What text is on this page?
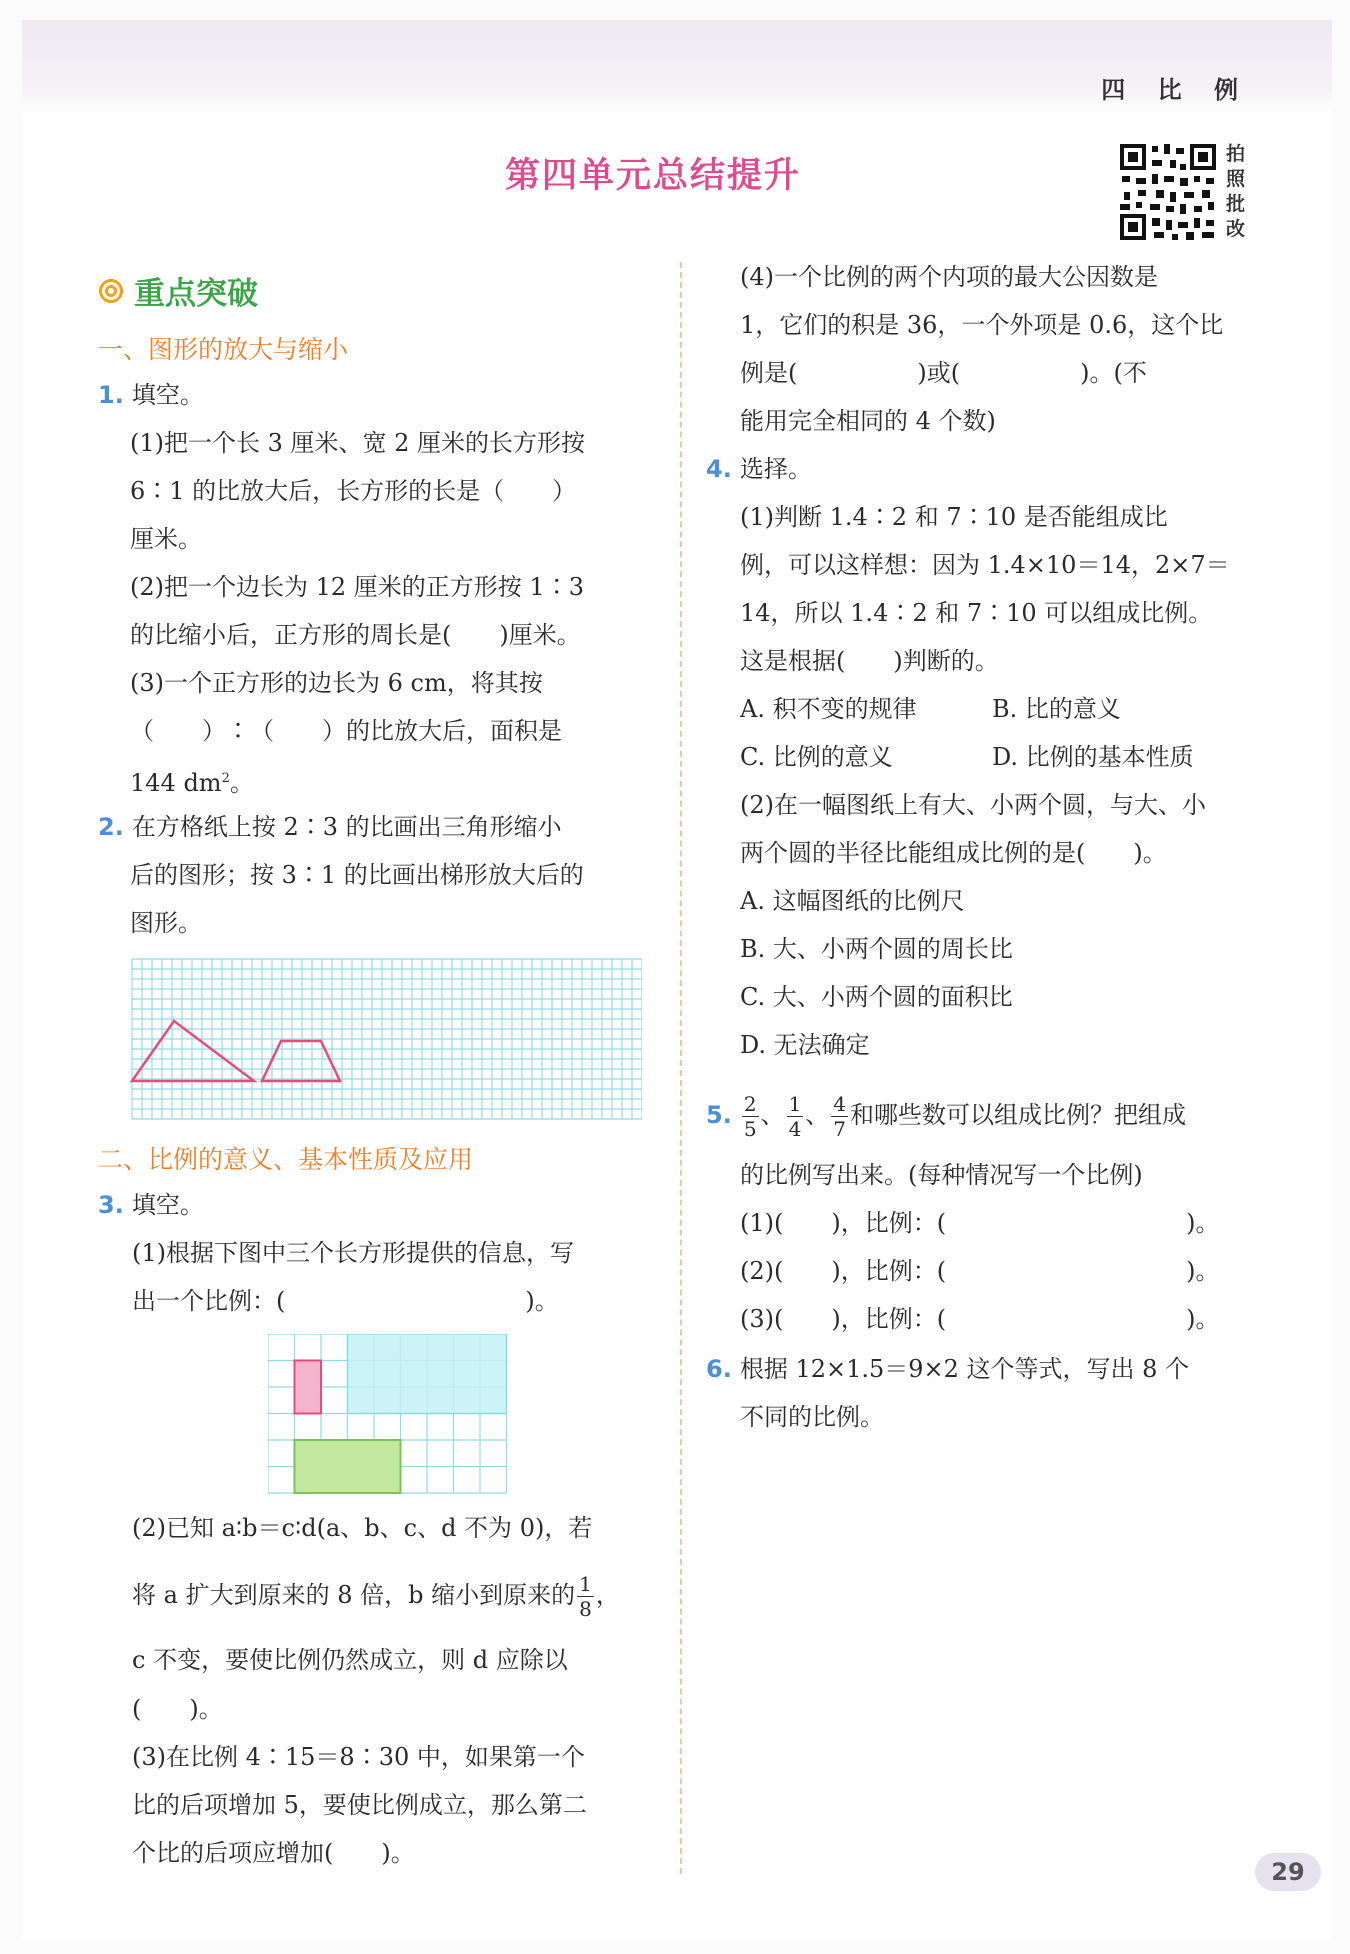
四 比 例
第四单元总结提升
拍照批改
重点突破
一、图形的放大与缩小
1. 填空。
(1)把一个长 3 厘米、宽 2 厘米的长方形按
6∶1 的比放大后，长方形的长是（　　）
厘米。
(2)把一个边长为 12 厘米的正方形按 1∶3
的比缩小后，正方形的周长是(　　)厘米。
(3)一个正方形的边长为 6 cm，将其按
（　　）∶（　　）的比放大后，面积是
144 $dm^2$。
2. 在方格纸上按 2∶3 的比画出三角形缩小
后的图形；按 3∶1 的比画出梯形放大后的
图形。
二、比例的意义、基本性质及应用
3. 填空。
(1)根据下图中三个长方形提供的信息，写
出一个比例：(　　　　　　　　　　)。
(2)已知 a∶b＝c∶d(a、b、c、d 不为 0)，若
将 a 扩大到原来的 8 倍，b 缩小到原来的 $\frac{1}{8}$ ，
c 不变，要使比例仍然成立，则 d 应除以
(　　)。
(3)在比例 4∶15＝8∶30 中，如果第一个
比的后项增加 5，要使比例成立，那么第二
个比的后项应增加(　　)。
(4)一个比例的两个内项的最大公因数是
1，它们的积是 36，一个外项是 0.6，这个比
例是(　　　　　)或(　　　　　)。(不
能用完全相同的 4 个数)
4. 选择。
(1)判断 1.4∶2 和 7∶10 是否能组成比
例，可以这样想：因为 1.4×10＝14，2×7＝
14，所以 1.4∶2 和 7∶10 可以组成比例。
这是根据(　　)判断的。
A. 积不变的规律	B. 比的意义
C. 比例的意义	D. 比例的基本性质
(2)在一幅图纸上有大、小两个圆，与大、小
两个圆的半径比能组成比例的是(　　)。
A. 这幅图纸的比例尺
B. 大、小两个圆的周长比
C. 大、小两个圆的面积比
D. 无法确定
5. $\frac{2}{5}$ 、 $\frac{1}{4}$ 、 $\frac{4}{7}$ 和哪些数可以组成比例？把组成
的比例写出来。(每种情况写一个比例)
(1)(　　)，比例：(　　　　　　　　　　)。
(2)(　　)，比例：(　　　　　　　　　　)。
(3)(　　)，比例：(　　　　　　　　　　)。
6. 根据 12×1.5＝9×2 这个等式，写出 8 个
不同的比例。
29
